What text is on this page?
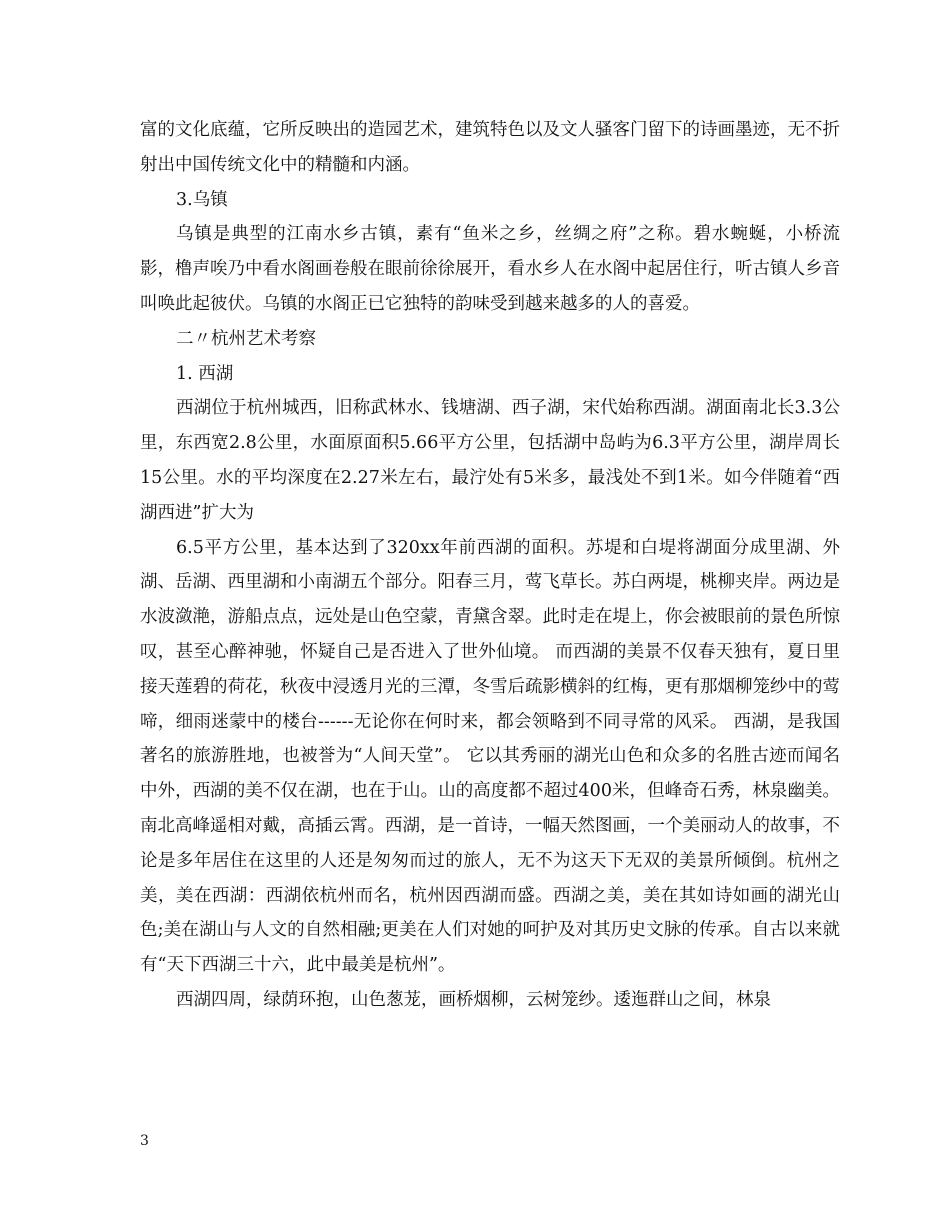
富的文化底蕴，它所反映出的造园艺术，建筑特色以及文人骚客门留下的诗画墨迹，无不折射出中国传统文化中的精髓和内涵。

3.乌镇

乌镇是典型的江南水乡古镇，素有“鱼米之乡，丝绸之府”之称。碧水蜿蜒，小桥流影，橹声唉乃中看水阁画卷般在眼前徐徐展开，看水乡人在水阁中起居住行，听古镇人乡音叫唤此起彼伏。乌镇的水阁正已它独特的韵味受到越来越多的人的喜爱。

二〃杭州艺术考察

1. 西湖

西湖位于杭州城西，旧称武林水、钱塘湖、西子湖，宋代始称西湖。湖面南北长3.3公里，东西宽2.8公里，水面原面积5.66平方公里，包括湖中岛屿为6.3平方公里，湖岸周长15公里。水的平均深度在2.27米左右，最泞处有5米多，最浅处不到1米。如今伴随着“西湖西进”扩大为

6.5平方公里，基本达到了320xx年前西湖的面积。苏堤和白堤将湖面分成里湖、外湖、岳湖、西里湖和小南湖五个部分。阳春三月，莺飞草长。苏白两堤，桃柳夹岸。两边是水波潋滟，游船点点，远处是山色空蒙，青黛含翠。此时走在堤上，你会被眼前的景色所惊叹，甚至心醉神驰，怀疑自己是否进入了世外仙境。 而西湖的美景不仅春天独有，夏日里接天莲碧的荷花，秋夜中浸透月光的三潭，冬雪后疏影横斜的红梅，更有那烟柳笼纱中的莺啼，细雨迷蒙中的楼台------无论你在何时来，都会领略到不同寻常的风采。 西湖，是我国著名的旅游胜地，也被誉为“人间天堂”。 它以其秀丽的湖光山色和众多的名胜古迹而闻名中外，西湖的美不仅在湖，也在于山。山的高度都不超过400米，但峰奇石秀，林泉幽美。南北高峰遥相对戴，高插云霄。西湖，是一首诗，一幅天然图画，一个美丽动人的故事，不论是多年居住在这里的人还是匆匆而过的旅人，无不为这天下无双的美景所倾倒。杭州之美，美在西湖：西湖依杭州而名，杭州因西湖而盛。西湖之美，美在其如诗如画的湖光山色;美在湖山与人文的自然相融;更美在人们对她的呵护及对其历史文脉的传承。自古以来就有“天下西湖三十六，此中最美是杭州”。

西湖四周，绿荫环抱，山色葱茏，画桥烟柳，云树笼纱。逶迤群山之间，林泉

3
